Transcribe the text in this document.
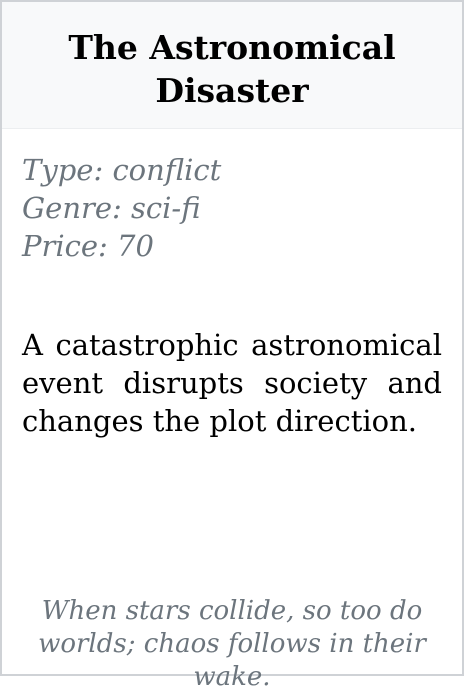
The Astronomical Disaster
Type: conflict
Genre: sci-fi
Price: 70

A catastrophic astronomical event disrupts society and changes the plot direction.

When stars collide, so too do worlds; chaos follows in their wake.
